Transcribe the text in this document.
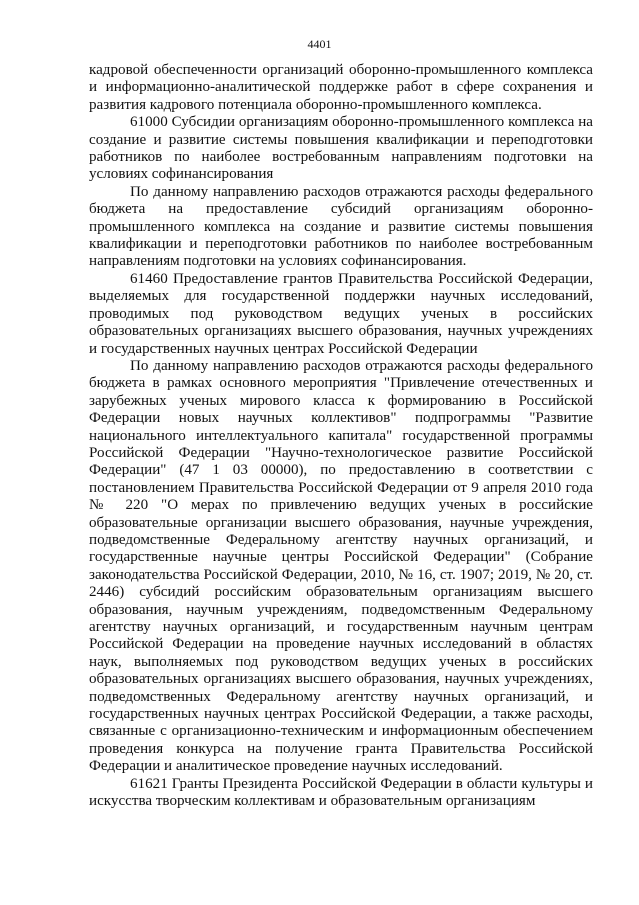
4401

кадровой обеспеченности организаций оборонно-промышленного комплекса и информационно-аналитической поддержке работ в сфере сохранения и развития кадрового потенциала оборонно-промышленного комплекса.

61000 Субсидии организациям оборонно-промышленного комплекса на создание и развитие системы повышения квалификации и переподготовки работников по наиболее востребованным направлениям подготовки на условиях софинансирования

По данному направлению расходов отражаются расходы федерального бюджета на предоставление субсидий организациям оборонно-промышленного комплекса на создание и развитие системы повышения квалификации и переподготовки работников по наиболее востребованным направлениям подготовки на условиях софинансирования.

61460 Предоставление грантов Правительства Российской Федерации, выделяемых для государственной поддержки научных исследований, проводимых под руководством ведущих ученых в российских образовательных организациях высшего образования, научных учреждениях и государственных научных центрах Российской Федерации

По данному направлению расходов отражаются расходы федерального бюджета в рамках основного мероприятия "Привлечение отечественных и зарубежных ученых мирового класса к формированию в Российской Федерации новых научных коллективов" подпрограммы "Развитие национального интеллектуального капитала" государственной программы Российской Федерации "Научно-технологическое развитие Российской Федерации" (47 1 03 00000), по предоставлению в соответствии с постановлением Правительства Российской Федерации от 9 апреля 2010 года № 220 "О мерах по привлечению ведущих ученых в российские образовательные организации высшего образования, научные учреждения, подведомственные Федеральному агентству научных организаций, и государственные научные центры Российской Федерации" (Собрание законодательства Российской Федерации, 2010, № 16, ст. 1907; 2019, № 20, ст. 2446) субсидий российским образовательным организациям высшего образования, научным учреждениям, подведомственным Федеральному агентству научных организаций, и государственным научным центрам Российской Федерации на проведение научных исследований в областях наук, выполняемых под руководством ведущих ученых в российских образовательных организациях высшего образования, научных учреждениях, подведомственных Федеральному агентству научных организаций, и государственных научных центрах Российской Федерации, а также расходы, связанные с организационно-техническим и информационным обеспечением проведения конкурса на получение гранта Правительства Российской Федерации и аналитическое проведение научных исследований.

61621 Гранты Президента Российской Федерации в области культуры и искусства творческим коллективам и образовательным организациям
